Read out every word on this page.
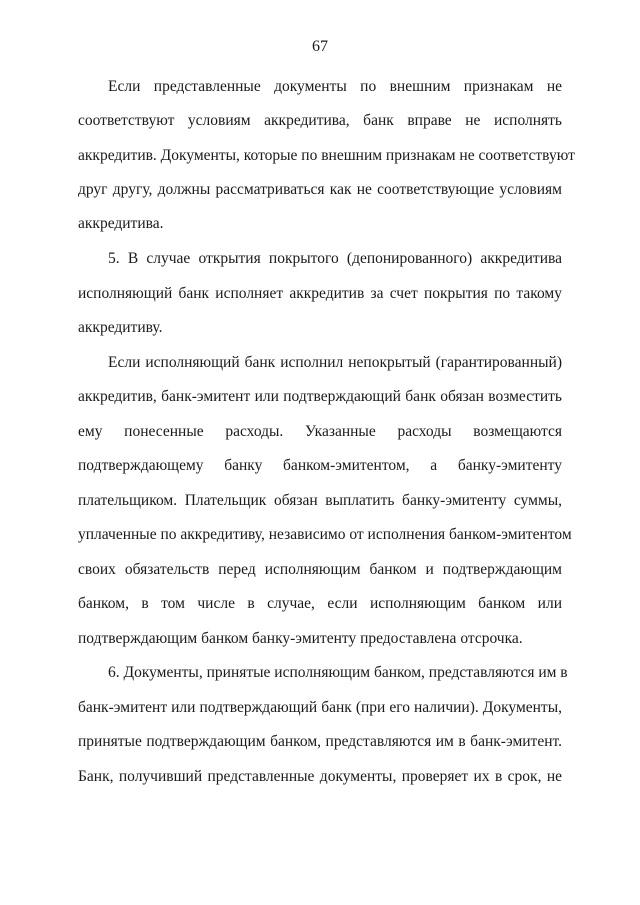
67
Если представленные документы по внешним признакам не
соответствуют условиям аккредитива, банк вправе не исполнять
аккредитив. Документы, которые по внешним признакам не соответствуют
друг другу, должны рассматриваться как не соответствующие условиям
аккредитива.
5. В случае открытия покрытого (депонированного) аккредитива
исполняющий банк исполняет аккредитив за счет покрытия по такому
аккредитиву.
Если исполняющий банк исполнил непокрытый (гарантированный)
аккредитив, банк-эмитент или подтверждающий банк обязан возместить
ему понесенные расходы. Указанные расходы возмещаются
подтверждающему банку банком-эмитентом, а банку-эмитенту
плательщиком. Плательщик обязан выплатить банку-эмитенту суммы,
уплаченные по аккредитиву, независимо от исполнения банком-эмитентом
своих обязательств перед исполняющим банком и подтверждающим
банком, в том числе в случае, если исполняющим банком или
подтверждающим банком банку-эмитенту предоставлена отсрочка.
6. Документы, принятые исполняющим банком, представляются им в
банк-эмитент или подтверждающий банк (при его наличии). Документы,
принятые подтверждающим банком, представляются им в банк-эмитент.
Банк, получивший представленные документы, проверяет их в срок, не
